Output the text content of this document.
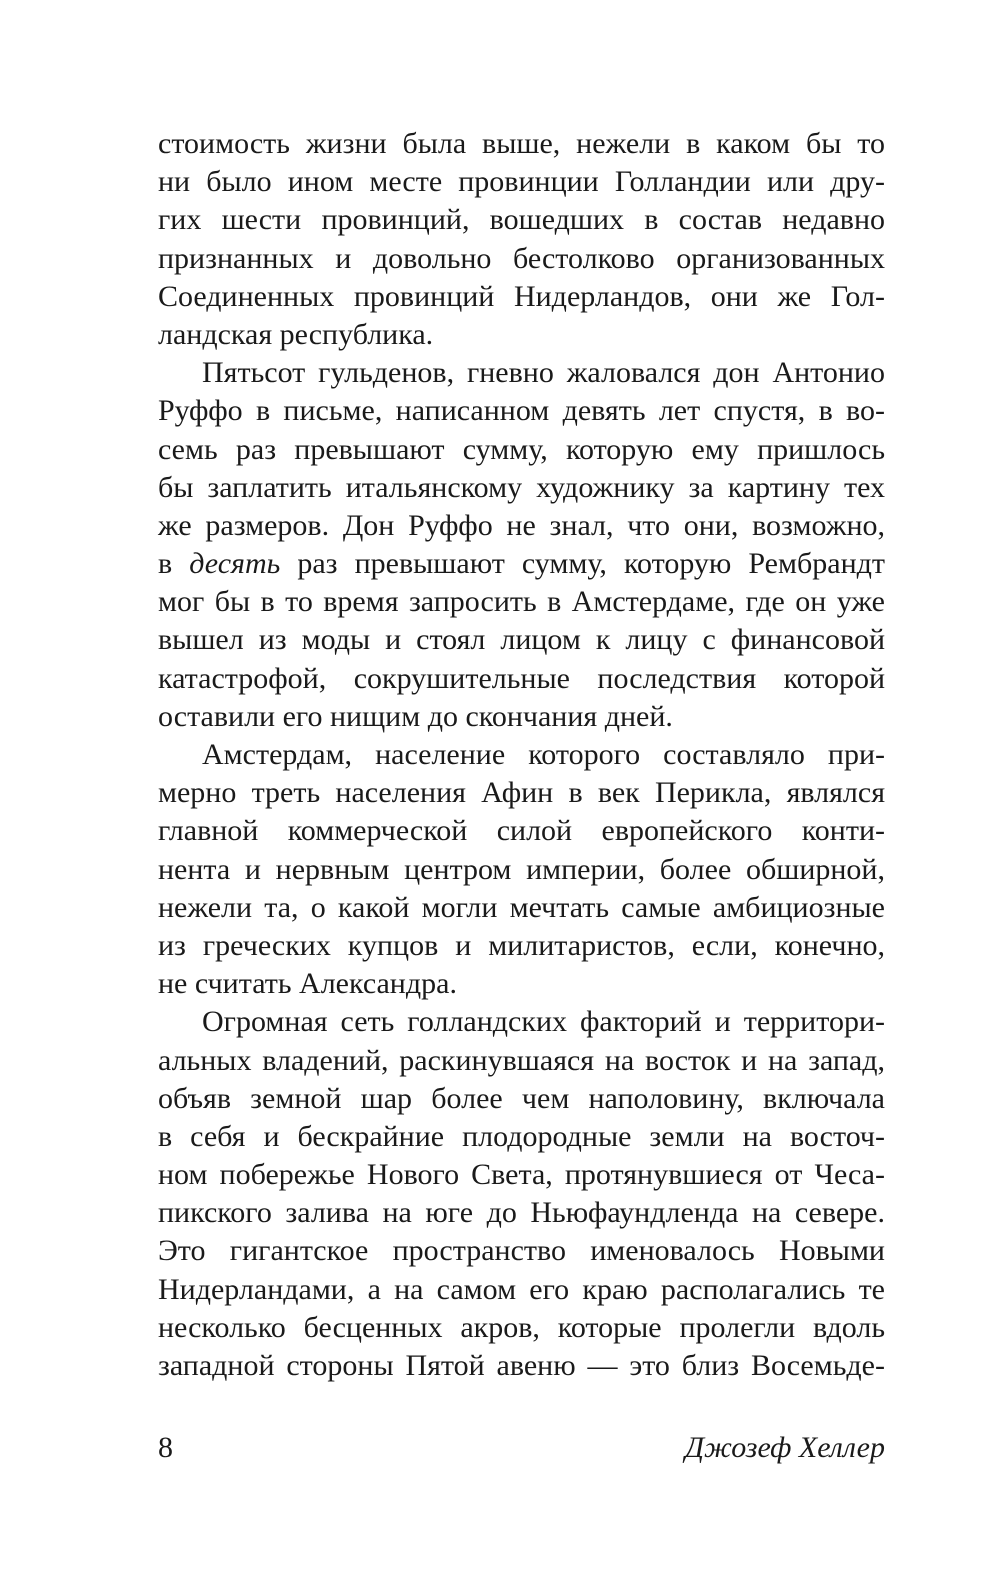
стоимость жизни была выше, нежели в каком бы то
ни было ином месте провинции Голландии или дру-
гих шести провинций, вошедших в состав недавно
признанных и довольно бестолково организованных
Соединенных провинций Нидерландов, они же Гол-
ландская республика.
Пятьсот гульденов, гневно жаловался дон Антонио
Руффо в письме, написанном девять лет спустя, в во-
семь раз превышают сумму, которую ему пришлось
бы заплатить итальянскому художнику за картину тех
же размеров. Дон Руффо не знал, что они, возможно,
в десять раз превышают сумму, которую Рембрандт
мог бы в то время запросить в Амстердаме, где он уже
вышел из моды и стоял лицом к лицу с финансовой
катастрофой, сокрушительные последствия которой
оставили его нищим до скончания дней.
Амстердам, население которого составляло при-
мерно треть населения Афин в век Перикла, являлся
главной коммерческой силой европейского конти-
нента и нервным центром империи, более обширной,
нежели та, о какой могли мечтать самые амбициозные
из греческих купцов и милитаристов, если, конечно,
не считать Александра.
Огромная сеть голландских факторий и территори-
альных владений, раскинувшаяся на восток и на запад,
объяв земной шар более чем наполовину, включала
в себя и бескрайние плодородные земли на восточ-
ном побережье Нового Света, протянувшиеся от Чеса-
пикского залива на юге до Ньюфаундленда на севере.
Это гигантское пространство именовалось Новыми
Нидерландами, а на самом его краю располагались те
несколько бесценных акров, которые пролегли вдоль
западной стороны Пятой авеню — это близ Восемьде-
8	Джозеф Хеллер
